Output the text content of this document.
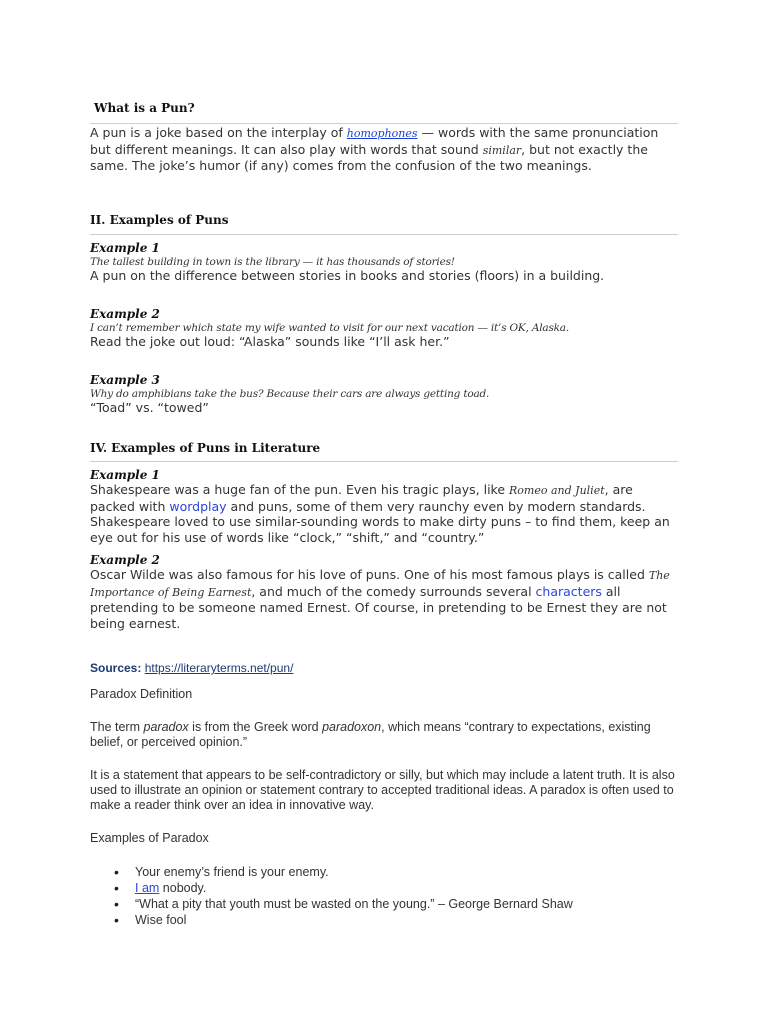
What is a Pun?
A pun is a joke based on the interplay of homophones — words with the same pronunciation but different meanings. It can also play with words that sound similar, but not exactly the same. The joke’s humor (if any) comes from the confusion of the two meanings.
II. Examples of Puns
Example 1
The tallest building in town is the library — it has thousands of stories!
A pun on the difference between stories in books and stories (floors) in a building.
Example 2
I can’t remember which state my wife wanted to visit for our next vacation — it’s OK, Alaska.
Read the joke out loud: “Alaska” sounds like “I’ll ask her.”
Example 3
Why do amphibians take the bus? Because their cars are always getting toad.
“Toad” vs. “towed”
IV. Examples of Puns in Literature
Example 1
Shakespeare was a huge fan of the pun. Even his tragic plays, like Romeo and Juliet, are packed with wordplay and puns, some of them very raunchy even by modern standards. Shakespeare loved to use similar-sounding words to make dirty puns – to find them, keep an eye out for his use of words like “clock,” “shift,” and “country.”
Example 2
Oscar Wilde was also famous for his love of puns. One of his most famous plays is called The Importance of Being Earnest, and much of the comedy surrounds several characters all pretending to be someone named Ernest. Of course, in pretending to be Ernest they are not being earnest.
Sources: https://literaryterms.net/pun/
Paradox Definition
The term paradox is from the Greek word paradoxon, which means “contrary to expectations, existing belief, or perceived opinion.”
It is a statement that appears to be self-contradictory or silly, but which may include a latent truth. It is also used to illustrate an opinion or statement contrary to accepted traditional ideas. A paradox is often used to make a reader think over an idea in innovative way.
Examples of Paradox
• Your enemy’s friend is your enemy.
• I am nobody.
• “What a pity that youth must be wasted on the young.” – George Bernard Shaw
• Wise fool
